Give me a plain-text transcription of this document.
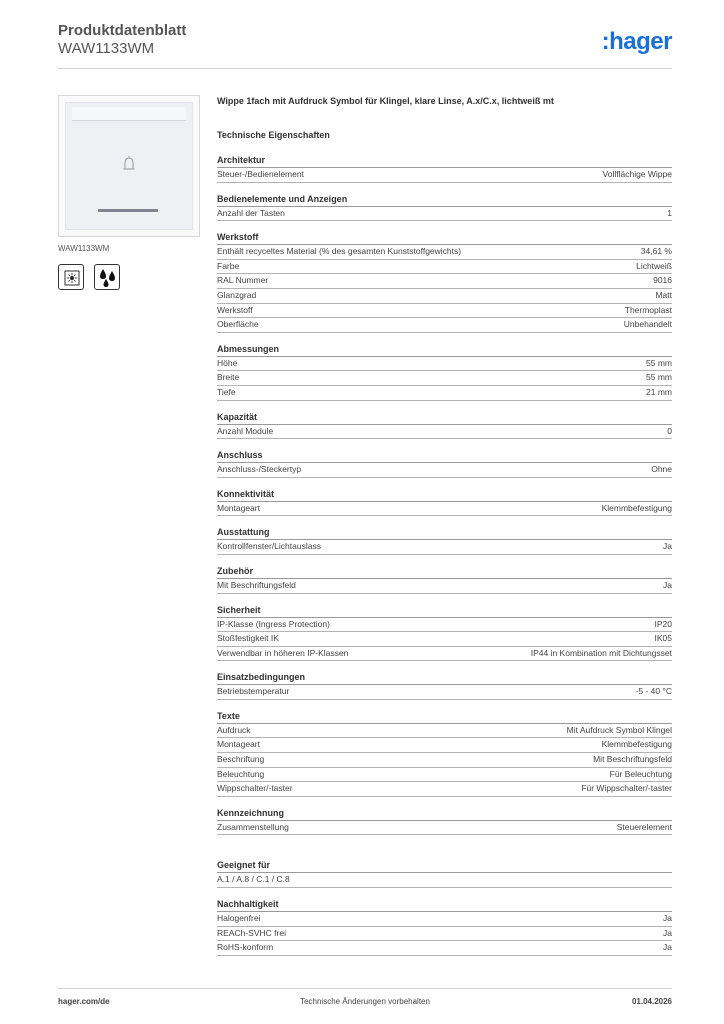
Produktdatenblatt
WAW1133WM	:hager
WAW1133WM
Wippe 1fach mit Aufdruck Symbol für Klingel, klare Linse, A.x/C.x, lichtweiß mt
Technische Eigenschaften
Architektur
Steuer-/Bedienelement	Vollflächige Wippe
Bedienelemente und Anzeigen
Anzahl der Tasten	1
Werkstoff
Enthält recyceltes Material (% des gesamten Kunststoffgewichts)	34,61 %
Farbe	Lichtweiß
RAL Nummer	9016
Glanzgrad	Matt
Werkstoff	Thermoplast
Oberfläche	Unbehandelt
Abmessungen
Höhe	55 mm
Breite	55 mm
Tiefe	21 mm
Kapazität
Anzahl Module	0
Anschluss
Anschluss-/Steckertyp	Ohne
Konnektivität
Montageart	Klemmbefestigung
Ausstattung
Kontrollfenster/Lichtauslass	Ja
Zubehör
Mit Beschriftungsfeld	Ja
Sicherheit
IP-Klasse (Ingress Protection)	IP20
Stoßfestigkeit IK	IK05
Verwendbar in höheren IP-Klassen	IP44 in Kombination mit Dichtungsset
Einsatzbedingungen
Betriebstemperatur	-5 - 40 °C
Texte
Aufdruck	Mit Aufdruck Symbol Klingel
Montageart	Klemmbefestigung
Beschriftung	Mit Beschriftungsfeld
Beleuchtung	Für Beleuchtung
Wippschalter/-taster	Für Wippschalter/-taster
Kennzeichnung
Zusammenstellung	Steuerelement
Geeignet für
A.1 / A.8 / C.1 / C.8
Nachhaltigkeit
Halogenfrei	Ja
REACh-SVHC frei	Ja
RoHS-konform	Ja
hager.com/de	Technische Änderungen vorbehalten	01.04.2026
